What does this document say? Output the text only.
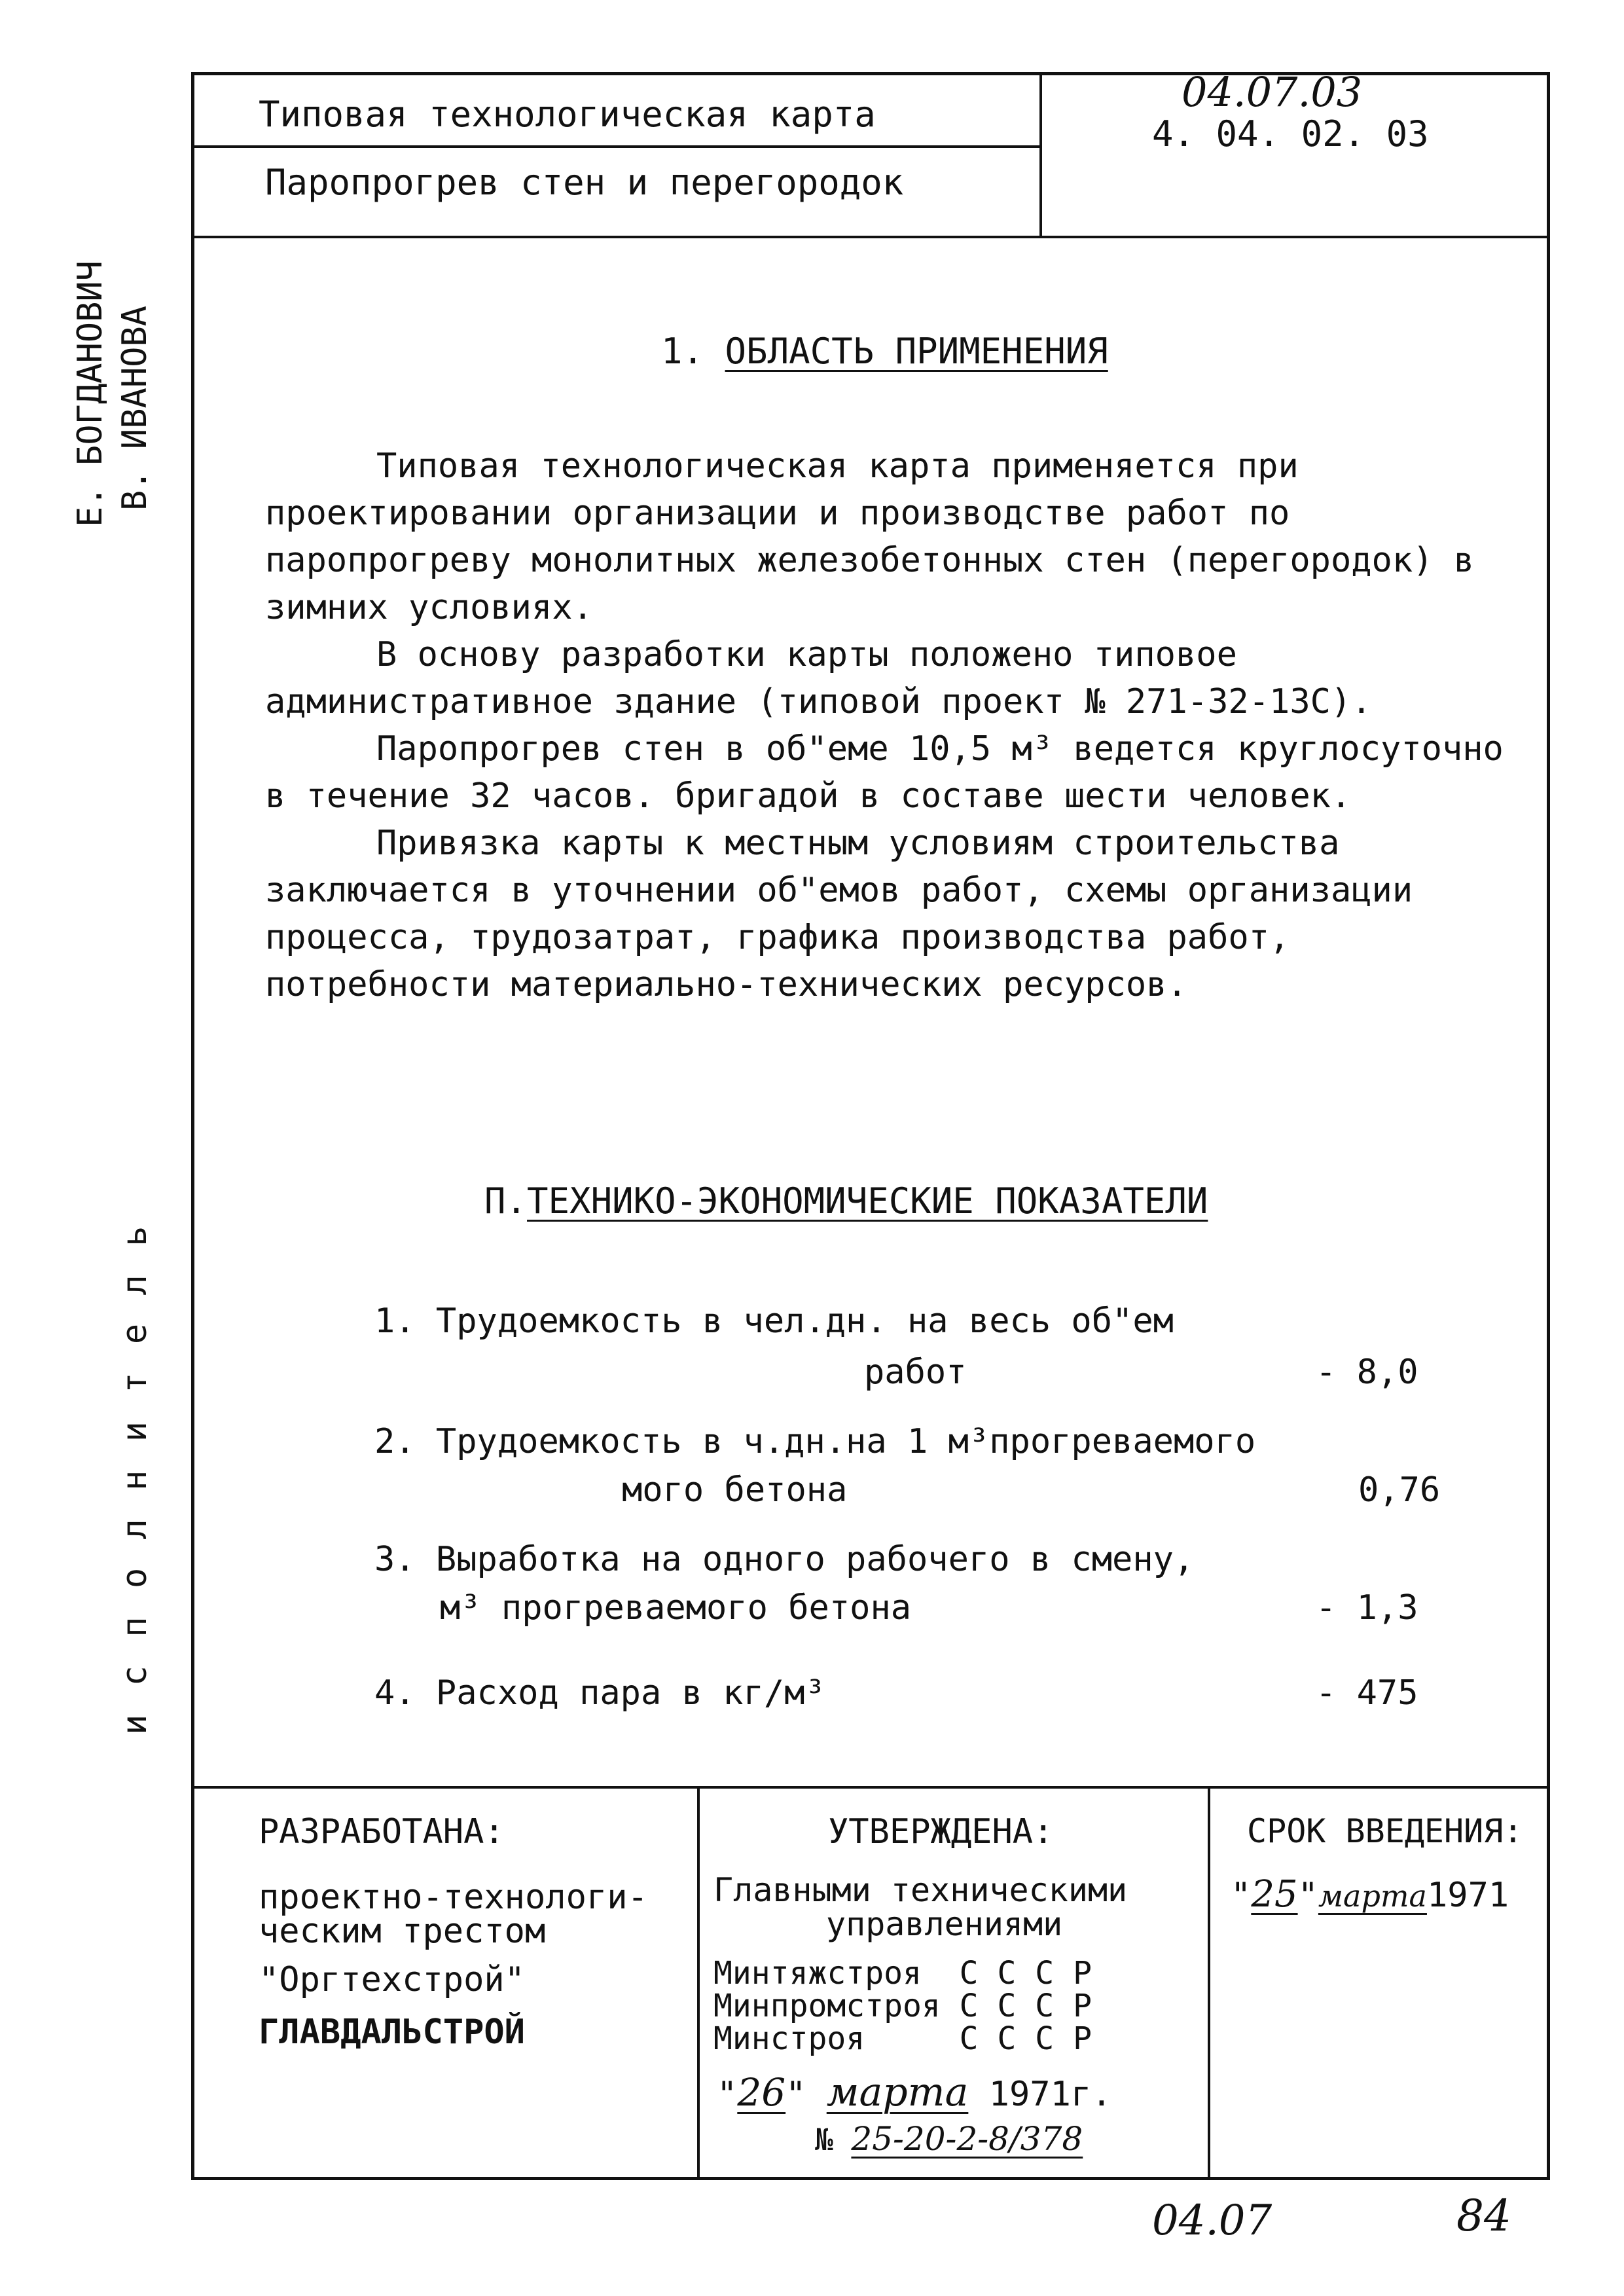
Типовая технологическая карта
Паропрогрев стен и перегородок
04.07.03
4. 04. 02. 03
Е. БОГДАНОВИЧ В. ИВАНОВА
и с п о л н и т е л ь
1. ОБЛАСТЬ ПРИМЕНЕНИЯ

Типовая технологическая карта применяется при проектировании организации и производстве работ по паропрогреву монолитных железобетонных стен (перегородок) в зимних условиях.

В основу разработки карты положено типовое административное здание (типовой проект № 271-32-13С).

Паропрогрев стен в об"еме 10,5 м³ ведется круглосуточно в течение 32 часов. бригадой в составе шести человек.

Привязка карты к местным условиям строительства заключается в уточнении об"емов работ, схемы организации процесса, трудозатрат, графика производства работ, потребности материально-технических ресурсов.

П.ТЕХНИКО-ЭКОНОМИЧЕСКИЕ ПОКАЗАТЕЛИ
1. Трудоемкость в чел.дн. на весь об"ем
работ	- 8,0
2. Трудоемкость в ч.дн.на 1 м³прогреваемого
мого бетона	0,76
3. Выработка на одного рабочего в смену,
м³ прогреваемого бетона	- 1,3
4. Расход пара в кг/м³	- 475
РАЗРАБОТАНА:
проектно-технологи-
ческим трестом
"Оргтехстрой"
ГЛАВДАЛЬСТРОЙ
УТВЕРЖДЕНА:
Главными техническими
управлениями
Минтяжстроя  С С С Р
Минпромстроя С С С Р
Минстроя     С С С Р
"26" марта 1971г.
№ 25-20-2-8/378
СРОК ВВЕДЕНИЯ:
"25"марта1971
04.07	84
